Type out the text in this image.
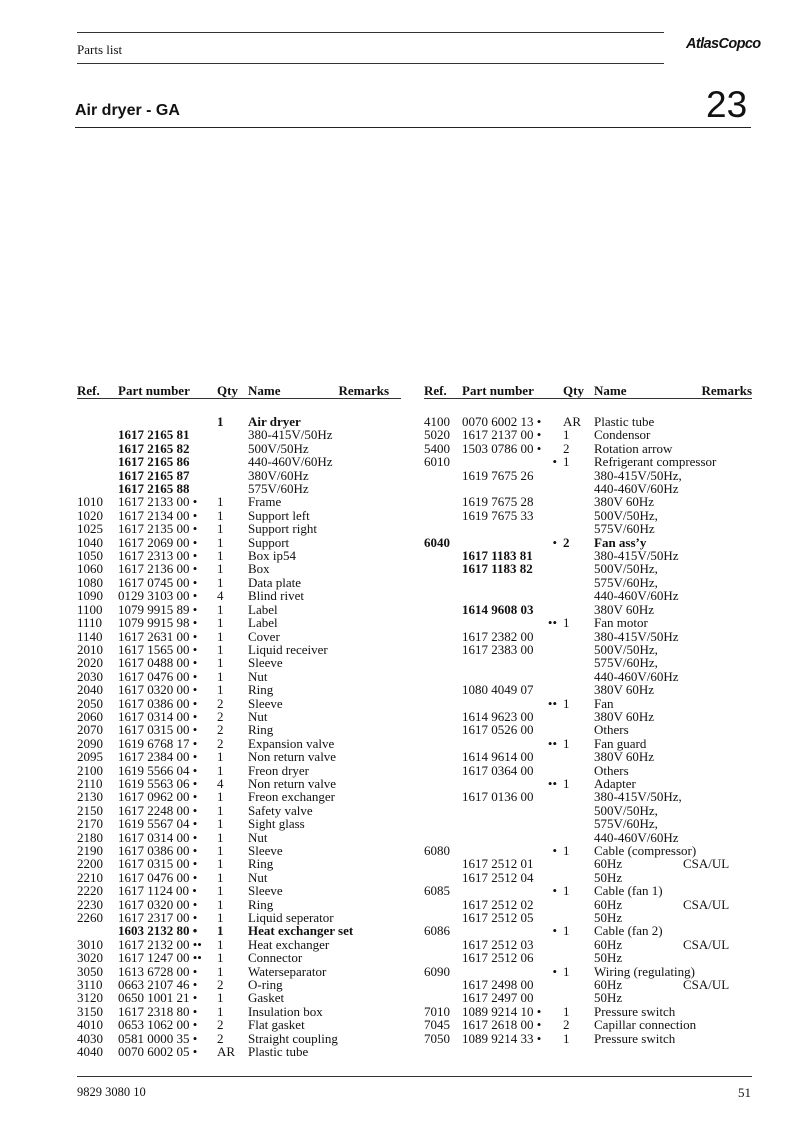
Parts list	AtlasCopco
Air dryer - GA	23
Ref.	Part number	Qty	Name	Remarks

		1	Air dryer	
	1617 2165 81		380-415V/50Hz	
	1617 2165 82		500V/50Hz	
	1617 2165 86		440-460V/60Hz	
	1617 2165 87		380V/60Hz	
	1617 2165 88		575V/60Hz	
1010	1617 2133 00 •	1	Frame	
1020	1617 2134 00 •	1	Support left	
1025	1617 2135 00 •	1	Support right	
1040	1617 2069 00 •	1	Support	
1050	1617 2313 00 •	1	Box ip54	
1060	1617 2136 00 •	1	Box	
1080	1617 0745 00 •	1	Data plate	
1090	0129 3103 00 •	4	Blind rivet	
1100	1079 9915 89 •	1	Label	
1110	1079 9915 98 •	1	Label	
1140	1617 2631 00 •	1	Cover	
2010	1617 1565 00 •	1	Liquid receiver	
2020	1617 0488 00 •	1	Sleeve	
2030	1617 0476 00 •	1	Nut	
2040	1617 0320 00 •	1	Ring	
2050	1617 0386 00 •	2	Sleeve	
2060	1617 0314 00 •	2	Nut	
2070	1617 0315 00 •	2	Ring	
2090	1619 6768 17 •	2	Expansion valve	
2095	1617 2384 00 •	1	Non return valve	
2100	1619 5566 04 •	1	Freon dryer	
2110	1619 5563 06 •	4	Non return valve	
2130	1617 0962 00 •	1	Freon exchanger	
2150	1617 2248 00 •	1	Safety valve	
2170	1619 5567 04 •	1	Sight glass	
2180	1617 0314 00 •	1	Nut	
2190	1617 0386 00 •	1	Sleeve	
2200	1617 0315 00 •	1	Ring	
2210	1617 0476 00 •	1	Nut	
2220	1617 1124 00 •	1	Sleeve	
2230	1617 0320 00 •	1	Ring	
2260	1617 2317 00 •	1	Liquid seperator	
	1603 2132 80 •	1	Heat exchanger set	
3010	1617 2132 00 ••	1	Heat exchanger	
3020	1617 1247 00 ••	1	Connector	
3050	1613 6728 00 •	1	Waterseparator	
3110	0663 2107 46 •	2	O-ring	
3120	0650 1001 21 •	1	Gasket	
3150	1617 2318 80 •	1	Insulation box	
4010	0653 1062 00 •	2	Flat gasket	
4030	0581 0000 35 •	2	Straight coupling	
4040	0070 6002 05 •	AR	Plastic tube	
Ref.	Part number	Qty	Name	Remarks

4100	0070 6002 13 •	AR	Plastic tube	
5020	1617 2137 00 •	1	Condensor	
5400	1503 0786 00 •	2	Rotation arrow	
6010	•	1	Refrigerant compressor	
	1619 7675 26		380-415V/50Hz,	
			440-460V/60Hz	
	1619 7675 28		380V 60Hz	
	1619 7675 33		500V/50Hz,	
			575V/60Hz	
6040	•	2	Fan ass’y	
	1617 1183 81		380-415V/50Hz	
	1617 1183 82		500V/50Hz,	
			575V/60Hz,	
			440-460V/60Hz	
	1614 9608 03		380V 60Hz	
	••	1	Fan motor	
	1617 2382 00		380-415V/50Hz	
	1617 2383 00		500V/50Hz,	
			575V/60Hz,	
			440-460V/60Hz	
	1080 4049 07		380V 60Hz	
	••	1	Fan	
	1614 9623 00		380V 60Hz	
	1617 0526 00		Others	
	••	1	Fan guard	
	1614 9614 00		380V 60Hz	
	1617 0364 00		Others	
	••	1	Adapter	
	1617 0136 00		380-415V/50Hz,	
			500V/50Hz,	
			575V/60Hz,	
			440-460V/60Hz	
6080	•	1	Cable (compressor)	
	1617 2512 01		60Hz	CSA/UL
	1617 2512 04		50Hz	
6085	•	1	Cable (fan 1)	
	1617 2512 02		60Hz	CSA/UL
	1617 2512 05		50Hz	
6086	•	1	Cable (fan 2)	
	1617 2512 03		60Hz	CSA/UL
	1617 2512 06		50Hz	
6090	•	1	Wiring (regulating)	
	1617 2498 00		60Hz	CSA/UL
	1617 2497 00		50Hz	
7010	1089 9214 10 •	1	Pressure switch	
7045	1617 2618 00 •	2	Capillar connection	
7050	1089 9214 33 •	1	Pressure switch	
9829 3080 10	51
